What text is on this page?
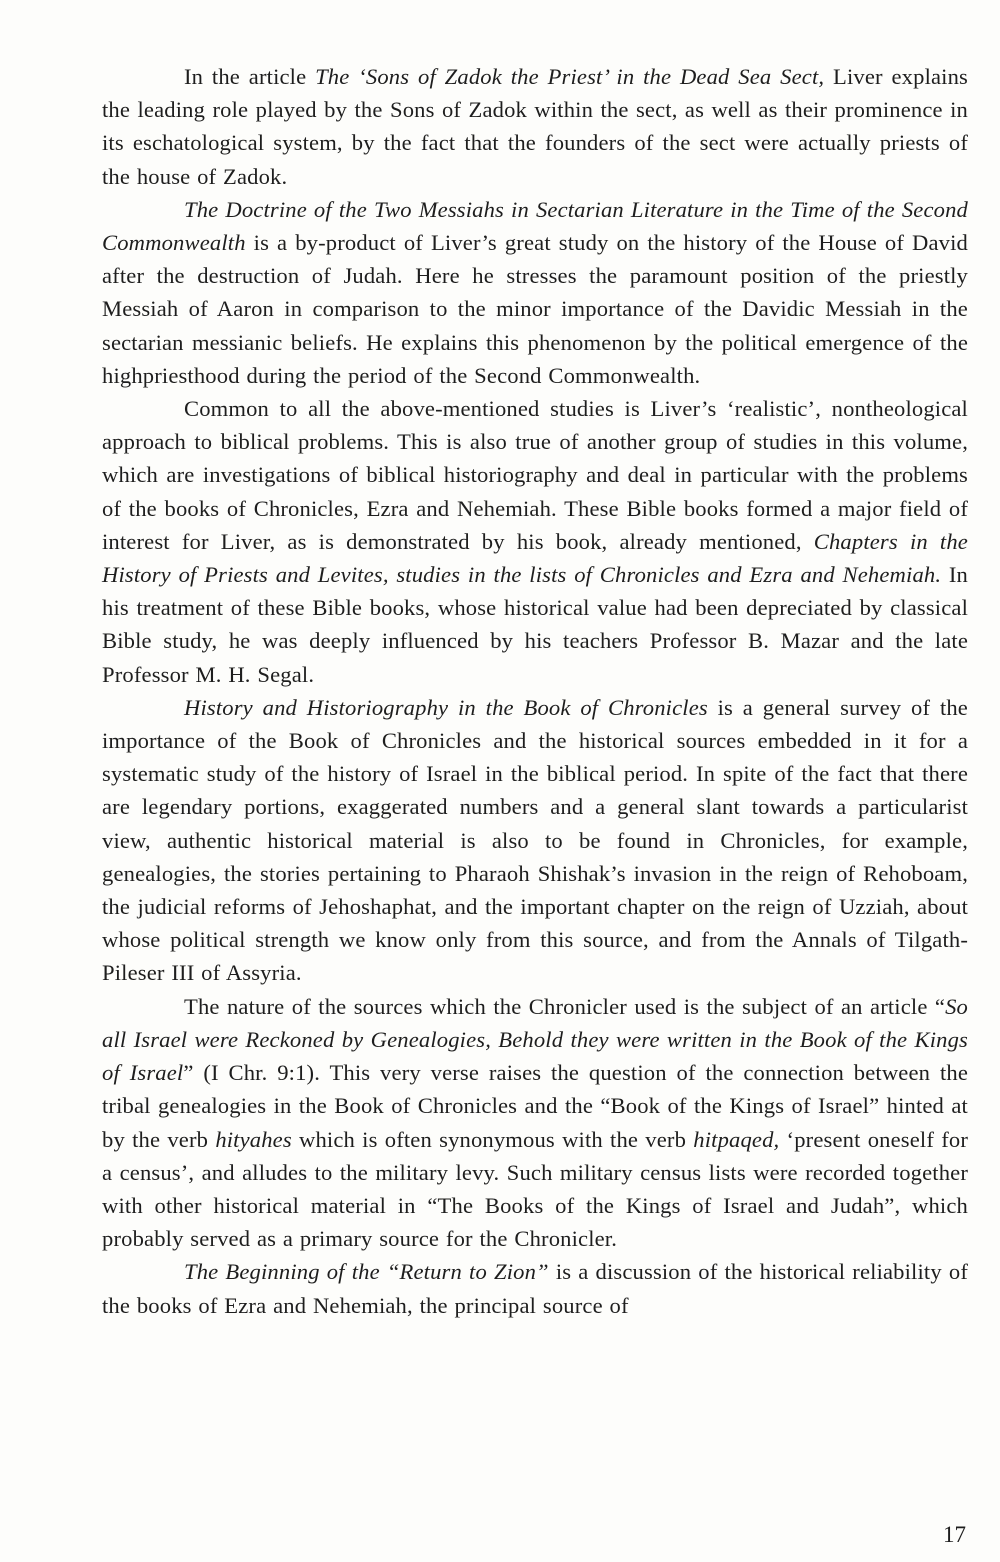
In the article The ‘Sons of Zadok the Priest’ in the Dead Sea Sect, Liver explains the leading role played by the Sons of Zadok within the sect, as well as their prominence in its eschatological system, by the fact that the founders of the sect were actually priests of the house of Zadok.

The Doctrine of the Two Messiahs in Sectarian Literature in the Time of the Second Commonwealth is a by-product of Liver’s great study on the history of the House of David after the destruction of Judah. Here he stresses the paramount position of the priestly Messiah of Aaron in comparison to the minor importance of the Davidic Messiah in the sectarian messianic beliefs. He explains this phenomenon by the political emergence of the highpriesthood during the period of the Second Commonwealth.

Common to all the above-mentioned studies is Liver’s ‘realistic’, nontheological approach to biblical problems. This is also true of another group of studies in this volume, which are investigations of biblical historiography and deal in particular with the problems of the books of Chronicles, Ezra and Nehemiah. These Bible books formed a major field of interest for Liver, as is demonstrated by his book, already mentioned, Chapters in the History of Priests and Levites, studies in the lists of Chronicles and Ezra and Nehemiah. In his treatment of these Bible books, whose historical value had been depreciated by classical Bible study, he was deeply influenced by his teachers Professor B. Mazar and the late Professor M. H. Segal.

History and Historiography in the Book of Chronicles is a general survey of the importance of the Book of Chronicles and the historical sources embedded in it for a systematic study of the history of Israel in the biblical period. In spite of the fact that there are legendary portions, exaggerated numbers and a general slant towards a particularist view, authentic historical material is also to be found in Chronicles, for example, genealogies, the stories pertaining to Pharaoh Shishak’s invasion in the reign of Rehoboam, the judicial reforms of Jehoshaphat, and the important chapter on the reign of Uzziah, about whose political strength we know only from this source, and from the Annals of Tilgath-Pileser III of Assyria.

The nature of the sources which the Chronicler used is the subject of an article “So all Israel were Reckoned by Genealogies, Behold they were written in the Book of the Kings of Israel” (I Chr. 9:1). This very verse raises the question of the connection between the tribal genealogies in the Book of Chronicles and the “Book of the Kings of Israel” hinted at by the verb hityahes which is often synonymous with the verb hitpaqed, ‘present oneself for a census’, and alludes to the military levy. Such military census lists were recorded together with other historical material in “The Books of the Kings of Israel and Judah”, which probably served as a primary source for the Chronicler.

The Beginning of the “Return to Zion” is a discussion of the historical reliability of the books of Ezra and Nehemiah, the principal source of

17
